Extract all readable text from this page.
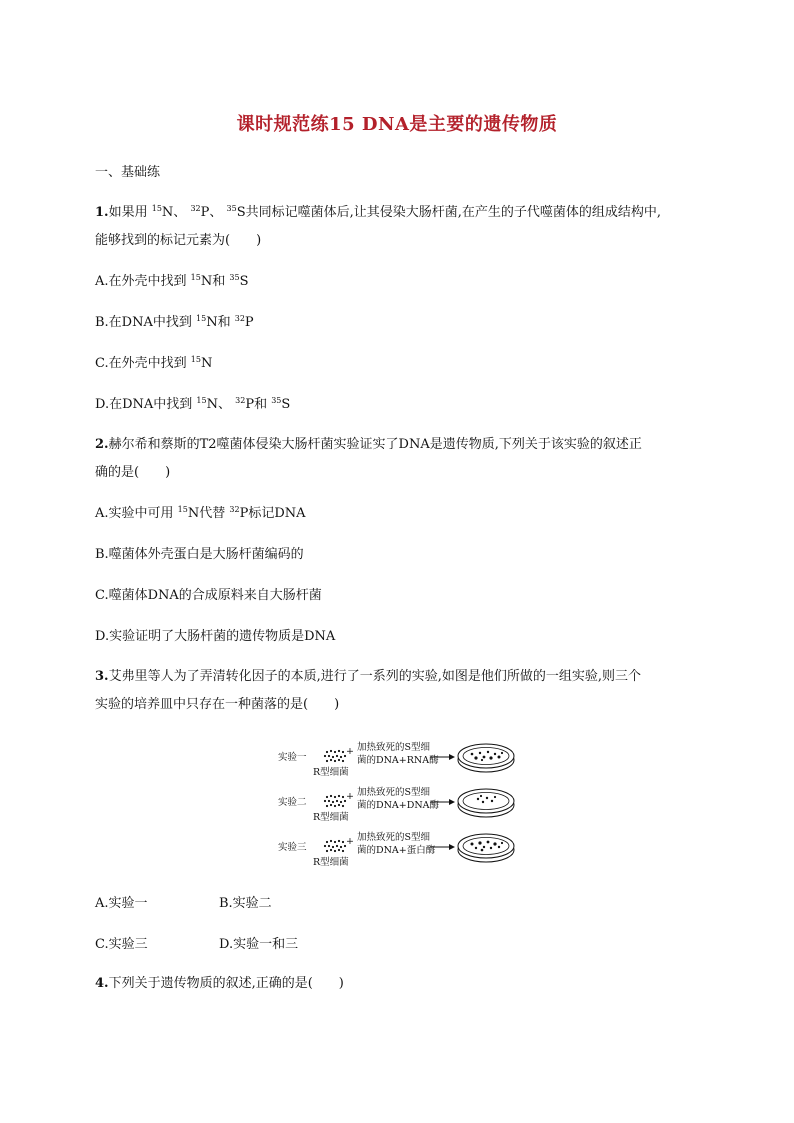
课时规范练15 DNA是主要的遗传物质
一、基础练
1.如果用 $^{15}$N、 $^{32}$P、 $^{35}$S共同标记噬菌体后,让其侵染大肠杆菌,在产生的子代噬菌体的组成结构中,
能够找到的标记元素为(　　)
A.在外壳中找到 $^{15}$N和 $^{35}$S
B.在DNA中找到 $^{15}$N和 $^{32}$P
C.在外壳中找到 $^{15}$N
D.在DNA中找到 $^{15}$N、 $^{32}$P和 $^{35}$S
2.赫尔希和蔡斯的T2噬菌体侵染大肠杆菌实验证实了DNA是遗传物质,下列关于该实验的叙述正
确的是(　　)
A.实验中可用 $^{15}$N代替 $^{32}$P标记DNA
B.噬菌体外壳蛋白是大肠杆菌编码的
C.噬菌体DNA的合成原料来自大肠杆菌
D.实验证明了大肠杆菌的遗传物质是DNA
3.艾弗里等人为了弄清转化因子的本质,进行了一系列的实验,如图是他们所做的一组实验,则三个
实验的培养皿中只存在一种菌落的是(　　)
实验一
+
R型细菌
加热致死的S型细
菌的DNA+RNA酶
实验二
+
R型细菌
加热致死的S型细
菌的DNA+DNA酶
实验三
+
R型细菌
加热致死的S型细
菌的DNA+蛋白酶
A.实验一	B.实验二
C.实验三	D.实验一和三
4.下列关于遗传物质的叙述,正确的是(　　)
